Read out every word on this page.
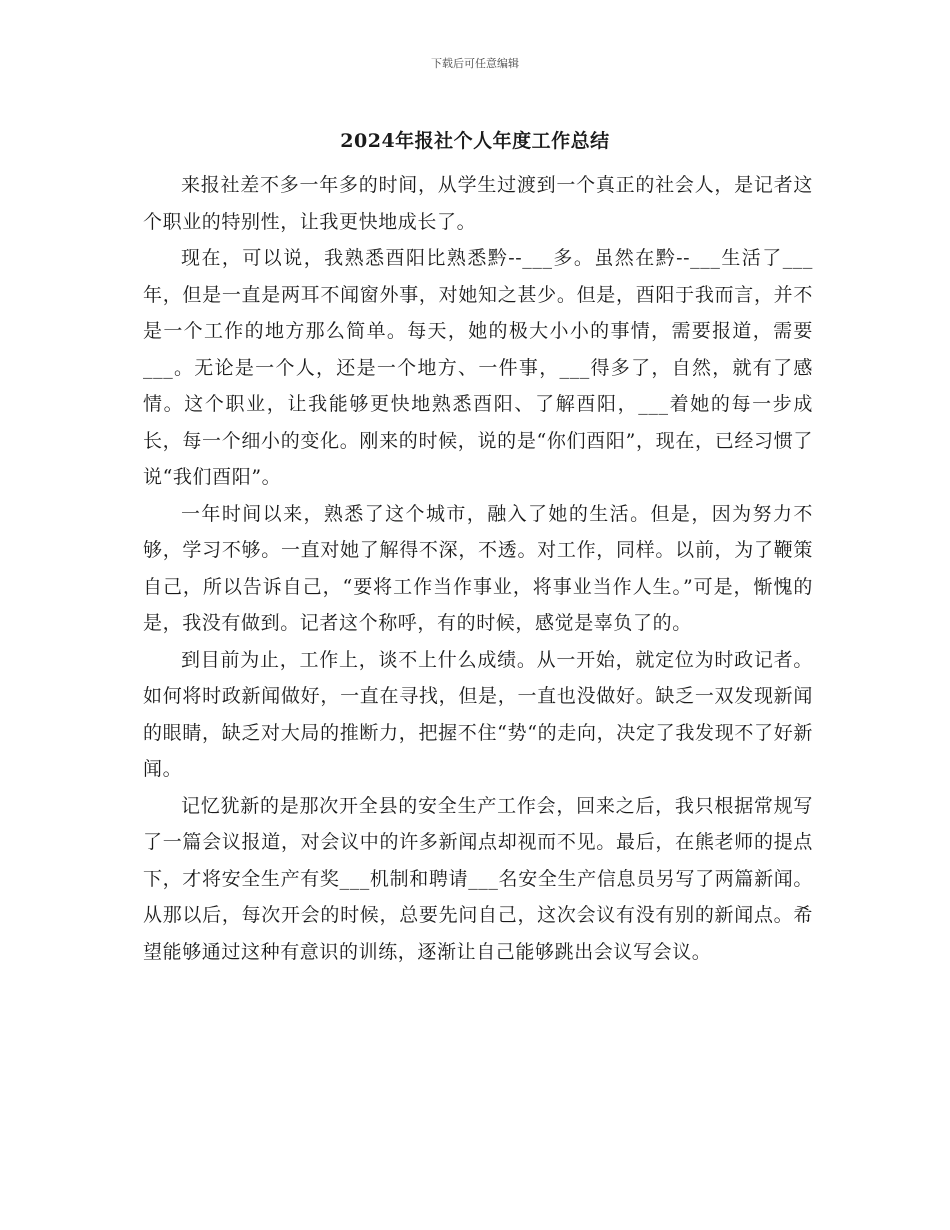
下载后可任意编辑
2024年报社个人年度工作总结

来报社差不多一年多的时间，从学生过渡到一个真正的社会人，是记者这个职业的特别性，让我更快地成长了。

现在，可以说，我熟悉酉阳比熟悉黔--___多。虽然在黔--___生活了___年，但是一直是两耳不闻窗外事，对她知之甚少。但是，酉阳于我而言，并不是一个工作的地方那么简单。每天，她的极大小小的事情，需要报道，需要___。无论是一个人，还是一个地方、一件事，___得多了，自然，就有了感情。这个职业，让我能够更快地熟悉酉阳、了解酉阳，___着她的每一步成长，每一个细小的变化。刚来的时候，说的是“你们酉阳”，现在，已经习惯了说“我们酉阳”。

一年时间以来，熟悉了这个城市，融入了她的生活。但是，因为努力不够，学习不够。一直对她了解得不深，不透。对工作，同样。以前，为了鞭策自己，所以告诉自己，“要将工作当作事业，将事业当作人生。”可是，惭愧的是，我没有做到。记者这个称呼，有的时候，感觉是辜负了的。

到目前为止，工作上，谈不上什么成绩。从一开始，就定位为时政记者。如何将时政新闻做好，一直在寻找，但是，一直也没做好。缺乏一双发现新闻的眼睛，缺乏对大局的推断力，把握不住“势“的走向，决定了我发现不了好新闻。

记忆犹新的是那次开全县的安全生产工作会，回来之后，我只根据常规写了一篇会议报道，对会议中的许多新闻点却视而不见。最后，在熊老师的提点下，才将安全生产有奖___机制和聘请___名安全生产信息员另写了两篇新闻。从那以后，每次开会的时候，总要先问自己，这次会议有没有别的新闻点。希望能够通过这种有意识的训练，逐渐让自己能够跳出会议写会议。
